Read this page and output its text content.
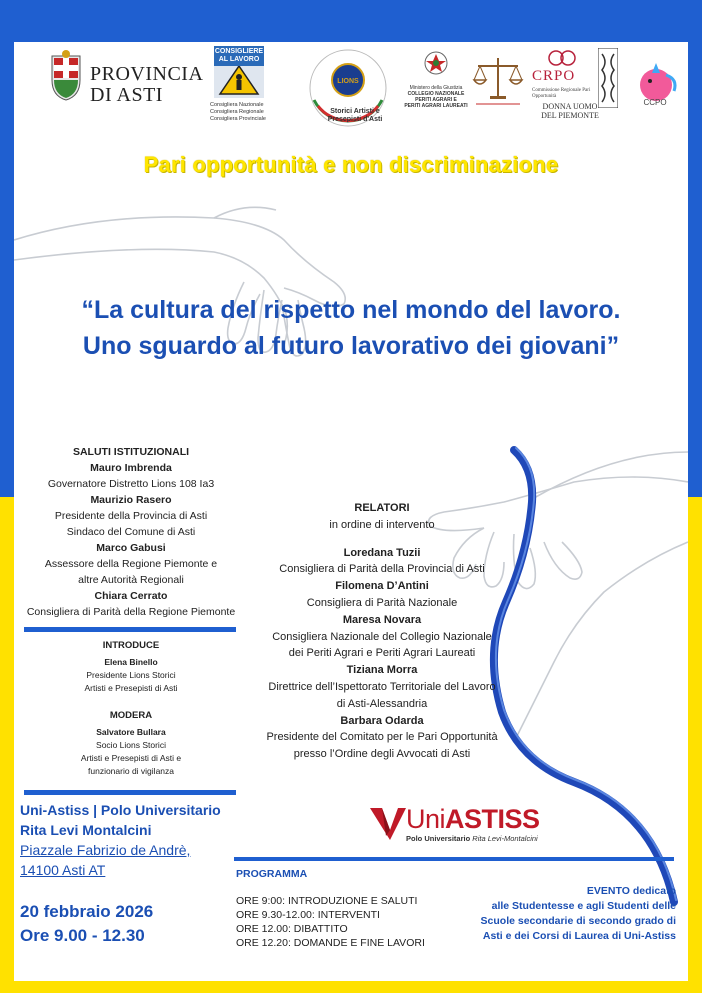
PROVINCIA
DI ASTI
CONSIGLIERE AL LAVORO
Consigliera Nazionale
Consigliera Regionale
Consigliera Provinciale
LIONS
Storici Artisti e Presepisti d'Asti
Ministero della Giustizia
COLLEGIO NAZIONALE
PERITI AGRARI E
PERITI AGRARI LAUREATI
CRPO
Commissione Regionale Pari Opportunità
DONNA UOMO DEL PIEMONTE
CCPO
Pari opportunità e non discriminazione
“La cultura del rispetto nel mondo del lavoro.
Uno sguardo al futuro lavorativo dei giovani”
SALUTI ISTITUZIONALI
Mauro Imbrenda
Governatore Distretto Lions 108 Ia3
Maurizio Rasero
Presidente della Provincia di Asti
Sindaco del Comune di Asti
Marco Gabusi
Assessore della Regione Piemonte e
altre Autorità Regionali
Chiara Cerrato
Consigliera di Parità della Regione Piemonte
INTRODUCE
Elena Binello
Presidente Lions Storici
Artisti e Presepisti di Asti
MODERA
Salvatore Bullara
Socio Lions Storici
Artisti e Presepisti di Asti e
funzionario di vigilanza
RELATORI
in ordine di intervento
Loredana Tuzii
Consigliera di Parità della Provincia di Asti
Filomena D’Antini
Consigliera di Parità Nazionale
Maresa Novara
Consigliera Nazionale del Collegio Nazionale
dei Periti Agrari e Periti Agrari Laureati
Tiziana Morra
Direttrice dell’Ispettorato Territoriale del Lavoro
di Asti-Alessandria
Barbara Odarda
Presidente del Comitato per le Pari Opportunità
presso l’Ordine degli Avvocati di Asti
Uni-Astiss | Polo Universitario
Rita Levi Montalcini
Piazzale Fabrizio de Andrè,
14100 Asti AT
20 febbraio 2026
Ore 9.00 - 12.30
UniASTISS
Polo Universitario Rita Levi-Montalcini
PROGRAMMA
ORE 9:00: INTRODUZIONE E SALUTI
ORE 9.30-12.00: INTERVENTI
ORE 12.00: DIBATTITO
ORE 12.20: DOMANDE E FINE LAVORI
EVENTO dedicato
alle Studentesse e agli Studenti delle
Scuole secondarie di secondo grado di
Asti e dei Corsi di Laurea di Uni-Astiss
